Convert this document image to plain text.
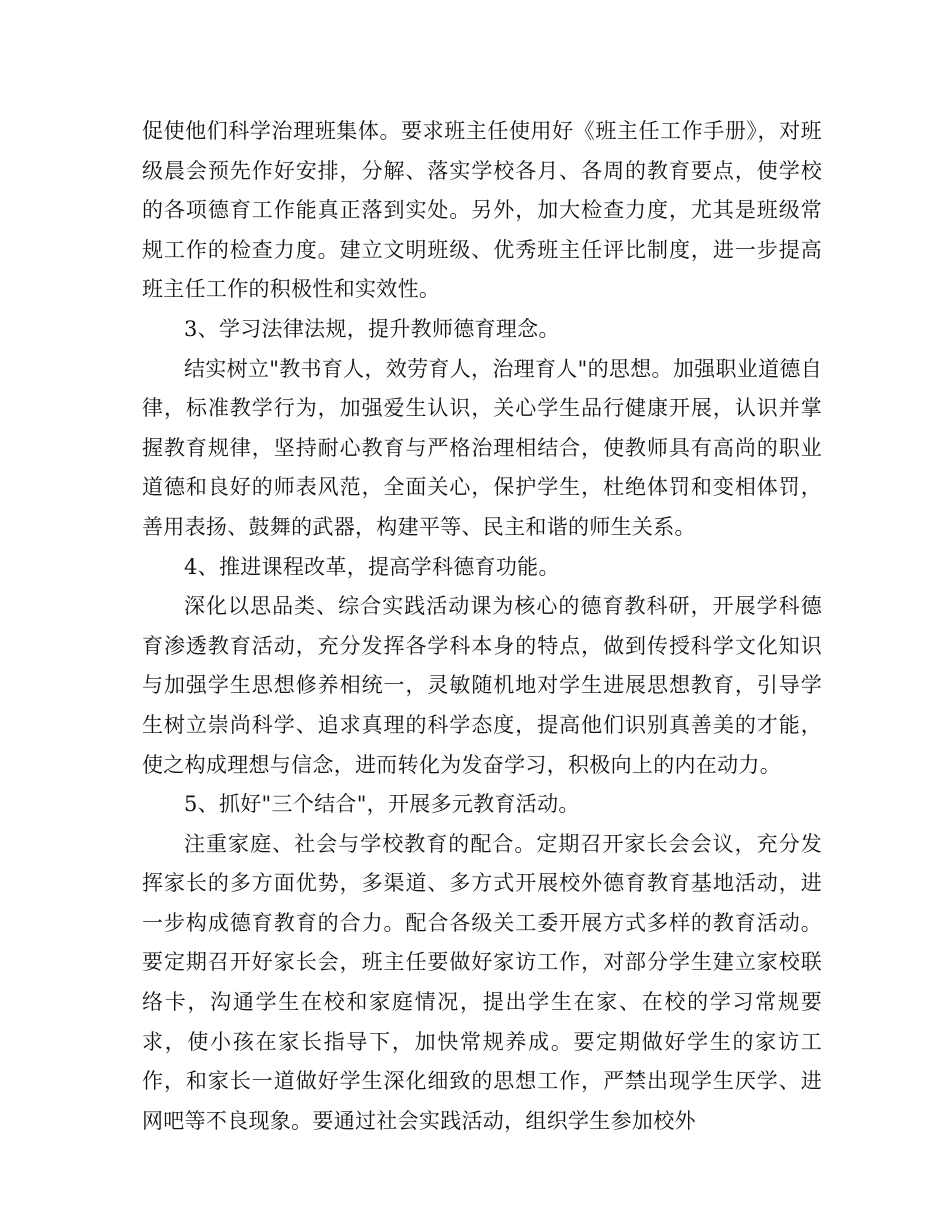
促使他们科学治理班集体。要求班主任使用好《班主任工作手册》，对班级晨会预先作好安排，分解、落实学校各月、各周的教育要点，使学校的各项德育工作能真正落到实处。另外，加大检查力度，尤其是班级常规工作的检查力度。建立文明班级、优秀班主任评比制度，进一步提高班主任工作的积极性和实效性。

3、学习法律法规，提升教师德育理念。

结实树立"教书育人，效劳育人，治理育人"的思想。加强职业道德自律，标准教学行为，加强爱生认识，关心学生品行健康开展，认识并掌握教育规律，坚持耐心教育与严格治理相结合，使教师具有高尚的职业道德和良好的师表风范，全面关心，保护学生，杜绝体罚和变相体罚，善用表扬、鼓舞的武器，构建平等、民主和谐的师生关系。

4、推进课程改革，提高学科德育功能。

深化以思品类、综合实践活动课为核心的德育教科研，开展学科德育渗透教育活动，充分发挥各学科本身的特点，做到传授科学文化知识与加强学生思想修养相统一，灵敏随机地对学生进展思想教育，引导学生树立崇尚科学、追求真理的科学态度，提高他们识别真善美的才能，使之构成理想与信念，进而转化为发奋学习，积极向上的内在动力。

5、抓好"三个结合"，开展多元教育活动。

注重家庭、社会与学校教育的配合。定期召开家长会会议，充分发挥家长的多方面优势，多渠道、多方式开展校外德育教育基地活动，进一步构成德育教育的合力。配合各级关工委开展方式多样的教育活动。要定期召开好家长会，班主任要做好家访工作，对部分学生建立家校联络卡，沟通学生在校和家庭情况，提出学生在家、在校的学习常规要求，使小孩在家长指导下，加快常规养成。要定期做好学生的家访工作，和家长一道做好学生深化细致的思想工作，严禁出现学生厌学、进网吧等不良现象。要通过社会实践活动，组织学生参加校外
